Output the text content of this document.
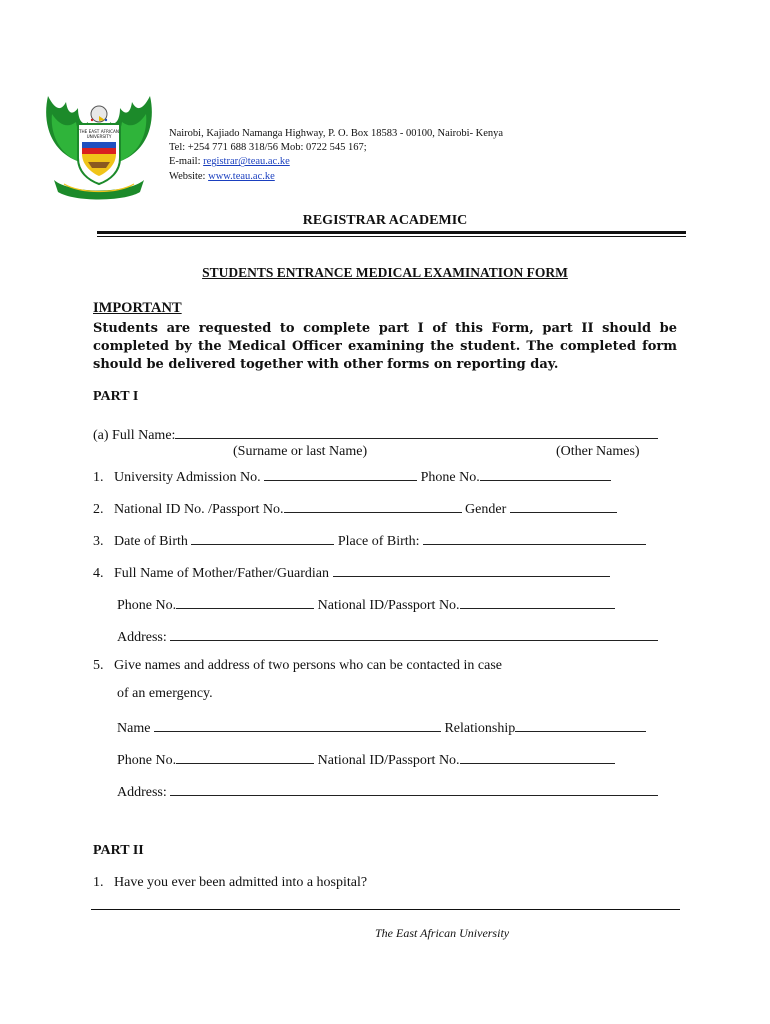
THE EAST AFRICAN
UNIVERSITY	Nairobi, Kajiado Namanga Highway, P. O. Box 18583 - 00100, Nairobi- Kenya
Tel: +254 771 688 318/56 Mob: 0722 545 167;
E-mail: registrar@teau.ac.ke
Website: www.teau.ac.ke
REGISTRAR ACADEMIC
STUDENTS ENTRANCE MEDICAL EXAMINATION FORM
IMPORTANT
Students are requested to complete part I of this Form, part II should be completed by the Medical Officer examining the student. The completed form should be delivered together with other forms on reporting day.
PART I
(a) Full Name:
(Surname or last Name)	(Other Names)
1. University Admission No.	Phone No.
2. National ID No. /Passport No.	Gender
3. Date of Birth	Place of Birth:
4. Full Name of Mother/Father/Guardian
Phone No.	National ID/Passport No.
Address:
5. Give names and address of two persons who can be contacted in case
of an emergency.
Name	Relationship
Phone No.	National ID/Passport No.
Address:
PART II
1. Have you ever been admitted into a hospital?
The East African University
